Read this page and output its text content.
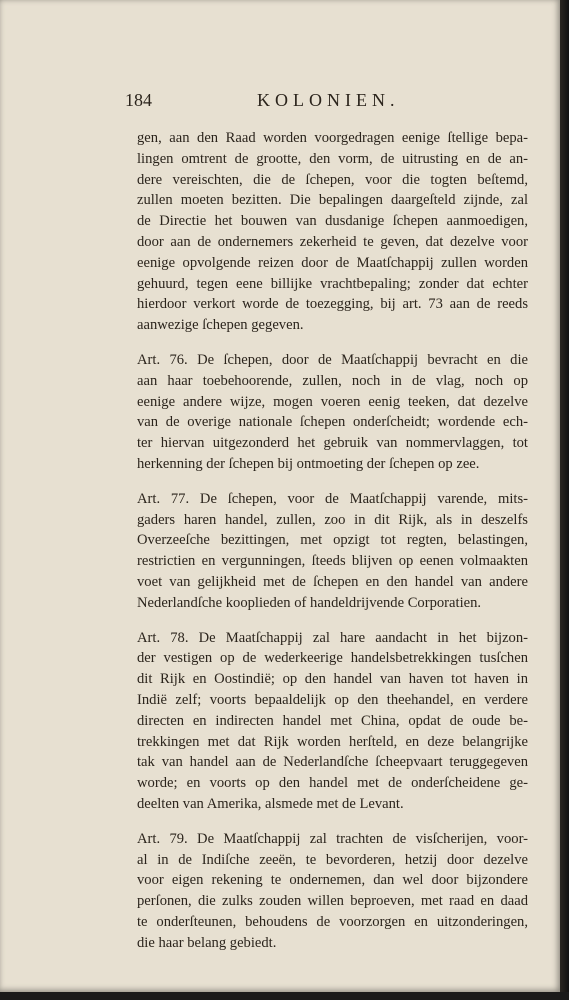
184	KOLONIEN.
gen, aan den Raad worden voorgedragen eenige ſtellige bepa-
lingen omtrent de grootte, den vorm, de uitrusting en de an-
dere vereischten, die de ſchepen, voor die togten beſtemd,
zullen moeten bezitten. Die bepalingen daargeſteld zijnde, zal
de Directie het bouwen van dusdanige ſchepen aanmoedigen,
door aan de ondernemers zekerheid te geven, dat dezelve voor
eenige opvolgende reizen door de Maatſchappij zullen worden
gehuurd, tegen eene billijke vrachtbepaling; zonder dat echter
hierdoor verkort worde de toezegging, bij art. 73 aan de reeds
aanwezige ſchepen gegeven.
Art. 76. De ſchepen, door de Maatſchappij bevracht en die
aan haar toebehoorende, zullen, noch in de vlag, noch op
eenige andere wijze, mogen voeren eenig teeken, dat dezelve
van de overige nationale ſchepen onderſcheidt; wordende ech-
ter hiervan uitgezonderd het gebruik van nommervlaggen, tot
herkenning der ſchepen bij ontmoeting der ſchepen op zee.
Art. 77. De ſchepen, voor de Maatſchappij varende, mits-
gaders haren handel, zullen, zoo in dit Rijk, als in deszelfs
Overzeeſche bezittingen, met opzigt tot regten, belastingen,
restrictien en vergunningen, ſteeds blijven op eenen volmaakten
voet van gelijkheid met de ſchepen en den handel van andere
Nederlandſche kooplieden of handeldrijvende Corporatien.
Art. 78. De Maatſchappij zal hare aandacht in het bijzon-
der vestigen op de wederkeerige handelsbetrekkingen tusſchen
dit Rijk en Oostindië; op den handel van haven tot haven in
Indië zelf; voorts bepaaldelijk op den theehandel, en verdere
directen en indirecten handel met China, opdat de oude be-
trekkingen met dat Rijk worden herſteld, en deze belangrijke
tak van handel aan de Nederlandſche ſcheepvaart teruggegeven
worde; en voorts op den handel met de onderſcheidene ge-
deelten van Amerika, alsmede met de Levant.
Art. 79. De Maatſchappij zal trachten de visſcherijen, voor-
al in de Indiſche zeeën, te bevorderen, hetzij door dezelve
voor eigen rekening te ondernemen, dan wel door bijzondere
perſonen, die zulks zouden willen beproeven, met raad en daad
te onderſteunen, behoudens de voorzorgen en uitzonderingen,
die haar belang gebiedt.
